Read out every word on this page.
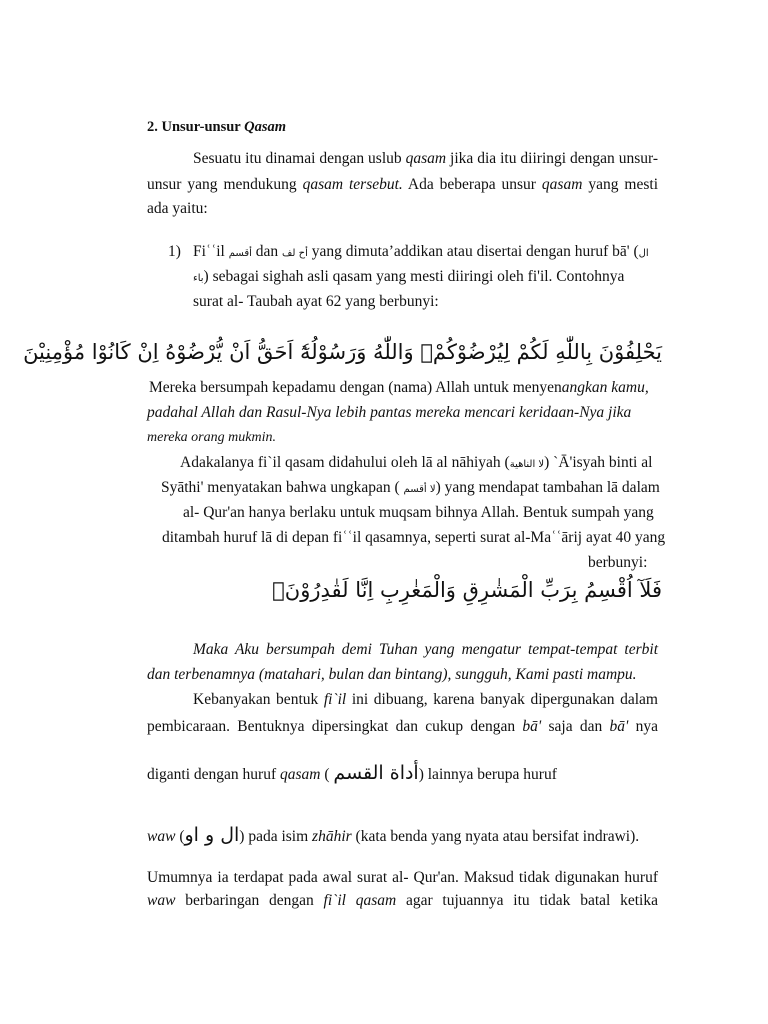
2. Unsur-unsur Qasam
Sesuatu itu dinamai dengan uslub qasam jika dia itu diiringi dengan unsur-
unsur yang mendukung qasam tersebut. Ada beberapa unsur qasam yang mesti
ada yaitu:
1) Fiʿʿil أقسم dan أح لف yang dimuta’addikan atau disertai dengan huruf bā' (ال
باء) sebagai sighah asli qasam yang mesti diiringi oleh fi'il. Contohnya
surat al- Taubah ayat 62 yang berbunyi:
يَحْلِفُوْنَ بِاللّٰهِ لَكُمْ لِيُرْضُوْكُمْۚ وَاللّٰهُ وَرَسُوْلُهٗٓ اَحَقُّ اَنْ يُّرْضُوْهُ اِنْ كَانُوْا مُؤْمِنِيْنَ
Mereka bersumpah kepadamu dengan (nama) Allah untuk menyenangkan kamu,
padahal Allah dan Rasul-Nya lebih pantas mereka mencari keridaan-Nya jika
mereka orang mukmin.
Adakalanya fi`il qasam didahului oleh lā al nāhiyah (لا الناهية) `Ā'isyah binti al
Syāthi' menyatakan bahwa ungkapan ( لا أقسم) yang mendapat tambahan lā dalam
al- Qur'an hanya berlaku untuk muqsam bihnya Allah. Bentuk sumpah yang
ditambah huruf lā di depan fiʿʿil qasamnya, seperti surat al-Maʿʿārij ayat 40 yang
berbunyi:
فَلَآ اُقْسِمُ بِرَبِّ الْمَشٰرِقِ وَالْمَغٰرِبِ اِنَّا لَقٰدِرُوْنَۙ
Maka Aku bersumpah demi Tuhan yang mengatur tempat-tempat terbit
dan terbenamnya (matahari, bulan dan bintang), sungguh, Kami pasti mampu.
Kebanyakan bentuk fi`il ini dibuang, karena banyak dipergunakan dalam
pembicaraan. Bentuknya dipersingkat dan cukup dengan bā' saja dan bā' nya
diganti dengan huruf qasam ( أداة القسم) lainnya berupa huruf
waw (ال و او) pada isim zhāhir (kata benda yang nyata atau bersifat indrawi).
Umumnya ia terdapat pada awal surat al- Qur'an. Maksud tidak digunakan huruf
waw berbaringan dengan fi`il qasam agar tujuannya itu tidak batal ketika
